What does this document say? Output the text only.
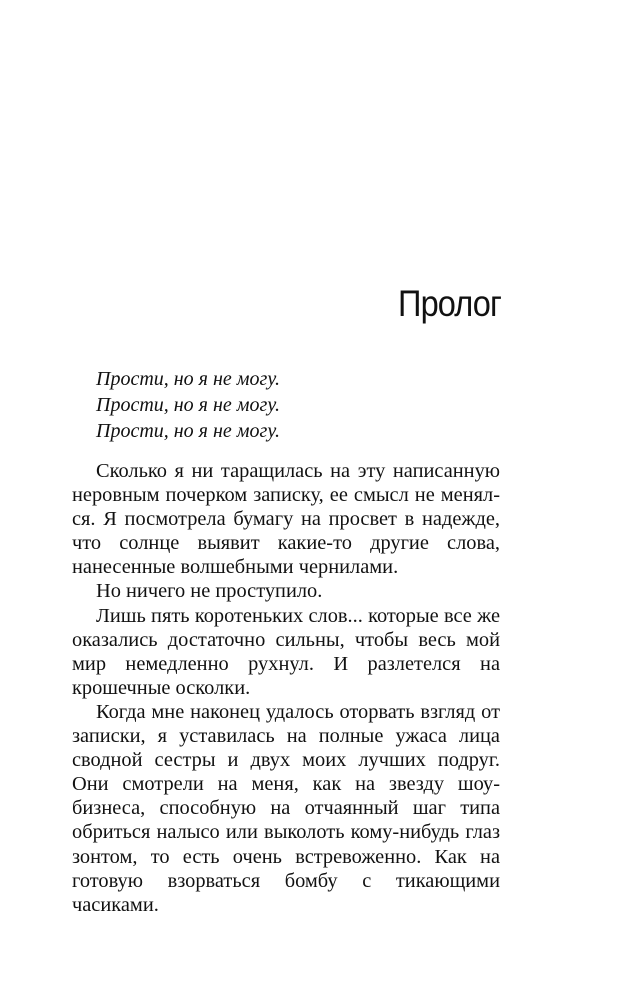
Пролог
Прости, но я не могу.
Прости, но я не могу.
Прости, но я не могу.

Сколько я ни таращилась на эту написанную неровным почерком записку, ее смысл не менялся. Я посмотрела бумагу на просвет в надежде, что солнце выявит какие-то другие слова, нанесенные волшебными чернилами.

Но ничего не проступило.

Лишь пять коротеньких слов... которые все же оказались достаточно сильны, чтобы весь мой мир немедленно рухнул. И разлетелся на крошечные осколки.

Когда мне наконец удалось оторвать взгляд от записки, я уставилась на полные ужаса лица сводной сестры и двух моих лучших подруг. Они смотрели на меня, как на звезду шоу-бизнеса, способную на отчаянный шаг типа обриться налысо или выколоть кому-нибудь глаз зонтом, то есть очень встревоженно. Как на готовую взорваться бомбу с тикающими часиками.
